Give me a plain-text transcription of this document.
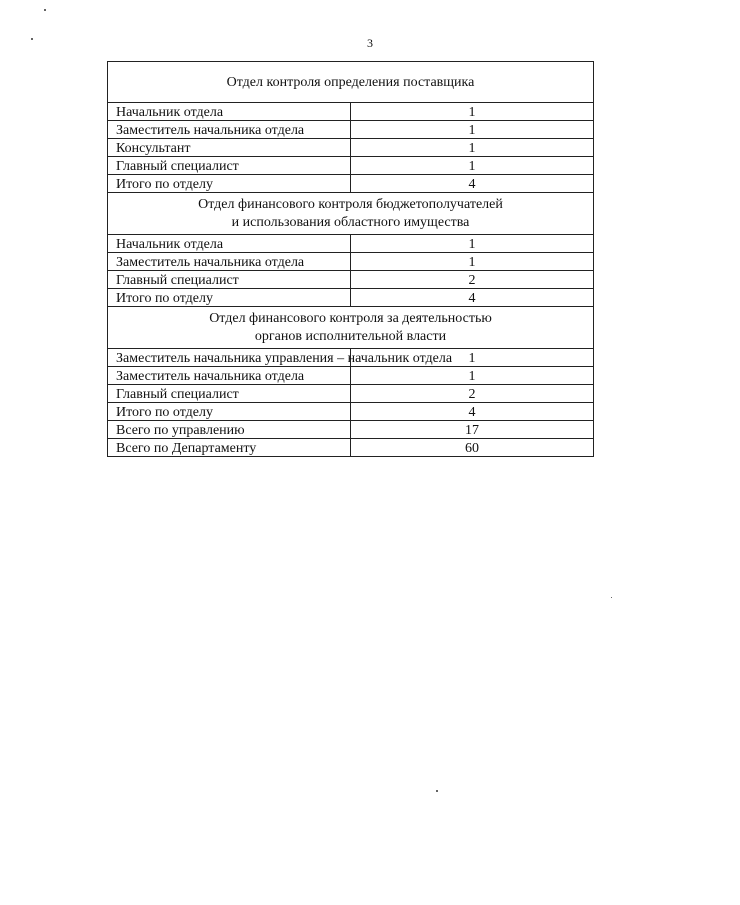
3
Отдел контроля определения поставщика	

Начальник отдела	1
Заместитель начальника отдела	1
Консультант	1
Главный специалист	1
Итого по отделу	4

Отдел финансового контроля бюджетополучателей
и использования областного имущества	

Начальник отдела	1
Заместитель начальника отдела	1
Главный специалист	2
Итого по отделу	4

Отдел финансового контроля за деятельностью
органов исполнительной власти	

Заместитель начальника управления – начальник отдела	1
Заместитель начальника отдела	1
Главный специалист	2
Итого по отделу	4
Всего по управлению	17
Всего по Департаменту	60
